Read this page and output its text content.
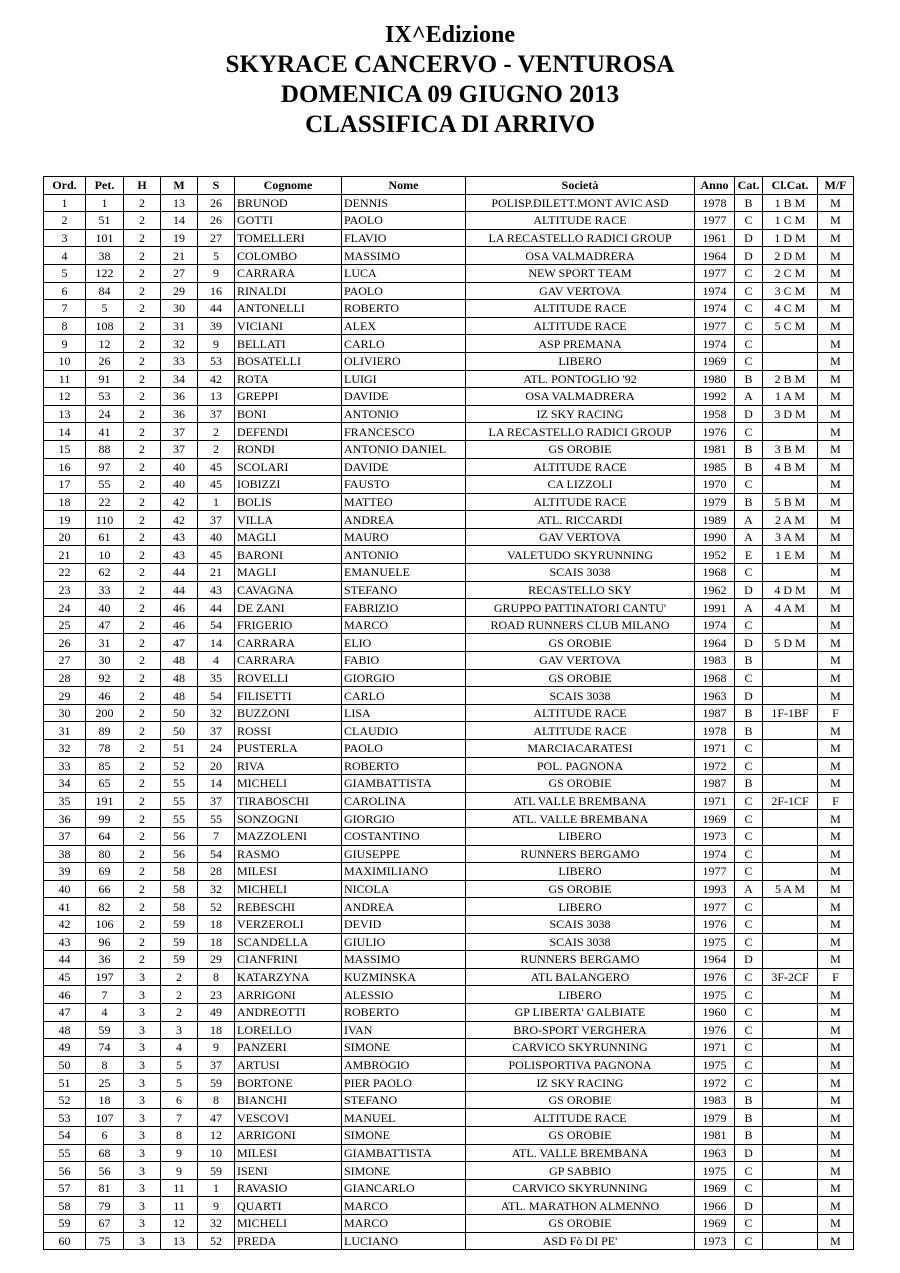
IX^Edizione
SKYRACE CANCERVO - VENTUROSA
DOMENICA 09 GIUGNO 2013
CLASSIFICA DI ARRIVO
Ord.	Pet.	H	M	S	Cognome	Nome	Società	Anno	Cat.	Cl.Cat.	M/F
1	1	2	13	26	BRUNOD	DENNIS	POLISP.DILETT.MONT AVIC ASD	1978	B	1 B M	M
2	51	2	14	26	GOTTI	PAOLO	ALTITUDE RACE	1977	C	1 C M	M
3	101	2	19	27	TOMELLERI	FLAVIO	LA RECASTELLO RADICI GROUP	1961	D	1 D M	M
4	38	2	21	5	COLOMBO	MASSIMO	OSA VALMADRERA	1964	D	2 D M	M
5	122	2	27	9	CARRARA	LUCA	NEW SPORT TEAM	1977	C	2 C M	M
6	84	2	29	16	RINALDI	PAOLO	GAV VERTOVA	1974	C	3 C M	M
7	5	2	30	44	ANTONELLI	ROBERTO	ALTITUDE RACE	1974	C	4 C M	M
8	108	2	31	39	VICIANI	ALEX	ALTITUDE RACE	1977	C	5 C M	M
9	12	2	32	9	BELLATI	CARLO	ASP PREMANA	1974	C		M
10	26	2	33	53	BOSATELLI	OLIVIERO	LIBERO	1969	C		M
11	91	2	34	42	ROTA	LUIGI	ATL. PONTOGLIO '92	1980	B	2 B M	M
12	53	2	36	13	GREPPI	DAVIDE	OSA VALMADRERA	1992	A	1 A M	M
13	24	2	36	37	BONI	ANTONIO	IZ SKY RACING	1958	D	3 D M	M
14	41	2	37	2	DEFENDI	FRANCESCO	LA RECASTELLO RADICI GROUP	1976	C		M
15	88	2	37	2	RONDI	ANTONIO DANIEL	GS OROBIE	1981	B	3 B M	M
16	97	2	40	45	SCOLARI	DAVIDE	ALTITUDE RACE	1985	B	4 B M	M
17	55	2	40	45	IOBIZZI	FAUSTO	CA LIZZOLI	1970	C		M
18	22	2	42	1	BOLIS	MATTEO	ALTITUDE RACE	1979	B	5 B M	M
19	110	2	42	37	VILLA	ANDREA	ATL. RICCARDI	1989	A	2 A M	M
20	61	2	43	40	MAGLI	MAURO	GAV VERTOVA	1990	A	3 A M	M
21	10	2	43	45	BARONI	ANTONIO	VALETUDO SKYRUNNING	1952	E	1 E M	M
22	62	2	44	21	MAGLI	EMANUELE	SCAIS 3038	1968	C		M
23	33	2	44	43	CAVAGNA	STEFANO	RECASTELLO SKY	1962	D	4 D M	M
24	40	2	46	44	DE ZANI	FABRIZIO	GRUPPO PATTINATORI CANTU'	1991	A	4 A M	M
25	47	2	46	54	FRIGERIO	MARCO	ROAD RUNNERS CLUB MILANO	1974	C		M
26	31	2	47	14	CARRARA	ELIO	GS OROBIE	1964	D	5 D M	M
27	30	2	48	4	CARRARA	FABIO	GAV VERTOVA	1983	B		M
28	92	2	48	35	ROVELLI	GIORGIO	GS OROBIE	1968	C		M
29	46	2	48	54	FILISETTI	CARLO	SCAIS 3038	1963	D		M
30	200	2	50	32	BUZZONI	LISA	ALTITUDE RACE	1987	B	1F-1BF	F
31	89	2	50	37	ROSSI	CLAUDIO	ALTITUDE RACE	1978	B		M
32	78	2	51	24	PUSTERLA	PAOLO	MARCIACARATESI	1971	C		M
33	85	2	52	20	RIVA	ROBERTO	POL. PAGNONA	1972	C		M
34	65	2	55	14	MICHELI	GIAMBATTISTA	GS OROBIE	1987	B		M
35	191	2	55	37	TIRABOSCHI	CAROLINA	ATL VALLE BREMBANA	1971	C	2F-1CF	F
36	99	2	55	55	SONZOGNI	GIORGIO	ATL. VALLE BREMBANA	1969	C		M
37	64	2	56	7	MAZZOLENI	COSTANTINO	LIBERO	1973	C		M
38	80	2	56	54	RASMO	GIUSEPPE	RUNNERS BERGAMO	1974	C		M
39	69	2	58	28	MILESI	MAXIMILIANO	LIBERO	1977	C		M
40	66	2	58	32	MICHELI	NICOLA	GS OROBIE	1993	A	5 A M	M
41	82	2	58	52	REBESCHI	ANDREA	LIBERO	1977	C		M
42	106	2	59	18	VERZEROLI	DEVID	SCAIS 3038	1976	C		M
43	96	2	59	18	SCANDELLA	GIULIO	SCAIS 3038	1975	C		M
44	36	2	59	29	CIANFRINI	MASSIMO	RUNNERS BERGAMO	1964	D		M
45	197	3	2	8	KATARZYNA	KUZMINSKA	ATL BALANGERO	1976	C	3F-2CF	F
46	7	3	2	23	ARRIGONI	ALESSIO	LIBERO	1975	C		M
47	4	3	2	49	ANDREOTTI	ROBERTO	GP LIBERTA' GALBIATE	1960	C		M
48	59	3	3	18	LORELLO	IVAN	BRO-SPORT VERGHERA	1976	C		M
49	74	3	4	9	PANZERI	SIMONE	CARVICO SKYRUNNING	1971	C		M
50	8	3	5	37	ARTUSI	AMBROGIO	POLISPORTIVA PAGNONA	1975	C		M
51	25	3	5	59	BORTONE	PIER PAOLO	IZ SKY RACING	1972	C		M
52	18	3	6	8	BIANCHI	STEFANO	GS OROBIE	1983	B		M
53	107	3	7	47	VESCOVI	MANUEL	ALTITUDE RACE	1979	B		M
54	6	3	8	12	ARRIGONI	SIMONE	GS OROBIE	1981	B		M
55	68	3	9	10	MILESI	GIAMBATTISTA	ATL. VALLE BREMBANA	1963	D		M
56	56	3	9	59	ISENI	SIMONE	GP SABBIO	1975	C		M
57	81	3	11	1	RAVASIO	GIANCARLO	CARVICO SKYRUNNING	1969	C		M
58	79	3	11	9	QUARTI	MARCO	ATL. MARATHON ALMENNO	1966	D		M
59	67	3	12	32	MICHELI	MARCO	GS OROBIE	1969	C		M
60	75	3	13	52	PREDA	LUCIANO	ASD Fò DI PE'	1973	C		M
